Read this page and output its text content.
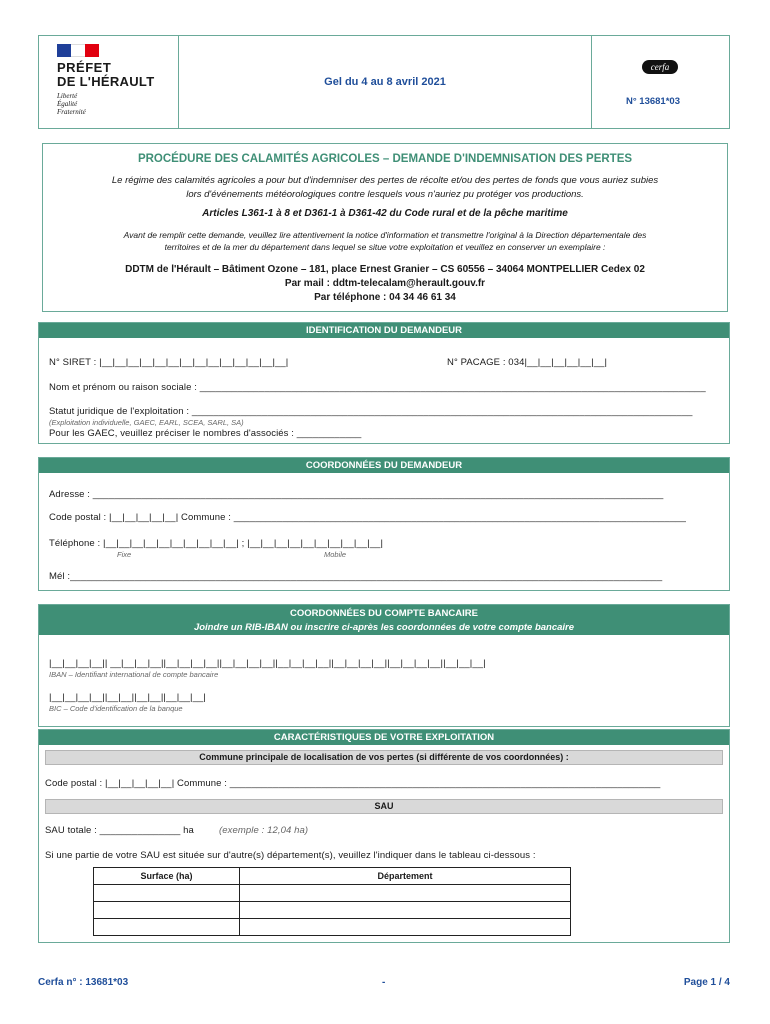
PRÉFET
DE L'HÉRAULT
Liberté
Égalité
Fraternité
Gel du 4 au 8 avril 2021
cerfa
N° 13681*03
PROCÉDURE DES CALAMITÉS AGRICOLES – DEMANDE D'INDEMNISATION DES PERTES
Le régime des calamités agricoles a pour but d'indemniser des pertes de récolte et/ou des pertes de fonds que vous auriez subies
lors d'événements météorologiques contre lesquels vous n'auriez pu protéger vos productions.
Articles L361-1 à 8 et D361-1 à D361-42 du Code rural et de la pêche maritime
Avant de remplir cette demande, veuillez lire attentivement la notice d'information et transmettre l'original à la Direction départementale des
territoires et de la mer du département dans lequel se situe votre exploitation et veuillez en conserver un exemplaire :
DDTM de l'Hérault – Bâtiment Ozone – 181, place Ernest Granier – CS 60556 – 34064 MONTPELLIER Cedex 02
Par mail : ddtm-telecalam@herault.gouv.fr
Par téléphone : 04 34 46 61 34
IDENTIFICATION DU DEMANDEUR
N° SIRET : |__|__|__|__|__|__|__|__|__|__|__|__|__|__|	N° PACAGE : 034|__|__|__|__|__|__|
Nom et prénom ou raison sociale : ______________________________________________________________________________________________
Statut juridique de l'exploitation : _____________________________________________________________________________________________
(Exploitation individuelle, GAEC, EARL, SCEA, SARL, SA)
Pour les GAEC, veuillez préciser le nombres d'associés : ____________
COORDONNÉES DU DEMANDEUR
Adresse : __________________________________________________________________________________________________________
Code postal : |__|__|__|__|__| Commune : ____________________________________________________________________________________
Téléphone : |__|__|__|__|__|__|__|__|__|__| ; |__|__|__|__|__|__|__|__|__|__|
Fixe	Mobile
Mél :______________________________________________________________________________________________________________
COORDONNÉES DU COMPTE BANCAIRE
Joindre un RIB-IBAN ou inscrire ci-après les coordonnées de votre compte bancaire
|__|__|__|__|| __|__|__|__||__|__|__|__||__|__|__|__||__|__|__|__||__|__|__|__||__|__|__|__||__|__|__|
IBAN – Identifiant international de compte bancaire
|__|__|__|__||__|__||__|__||__|__|__|
BIC – Code d'identification de la banque
CARACTÉRISTIQUES DE VOTRE EXPLOITATION
Commune principale de localisation de vos pertes (si différente de vos coordonnées) :
Code postal : |__|__|__|__|__| Commune : ________________________________________________________________________________
SAU
SAU totale : _______________ ha	(exemple : 12,04 ha)
Si une partie de votre SAU est située sur d'autre(s) département(s), veuillez l'indiquer dans le tableau ci-dessous :
Surface (ha)	Département

Cerfa n° : 13681*03	-	Page 1 / 4
